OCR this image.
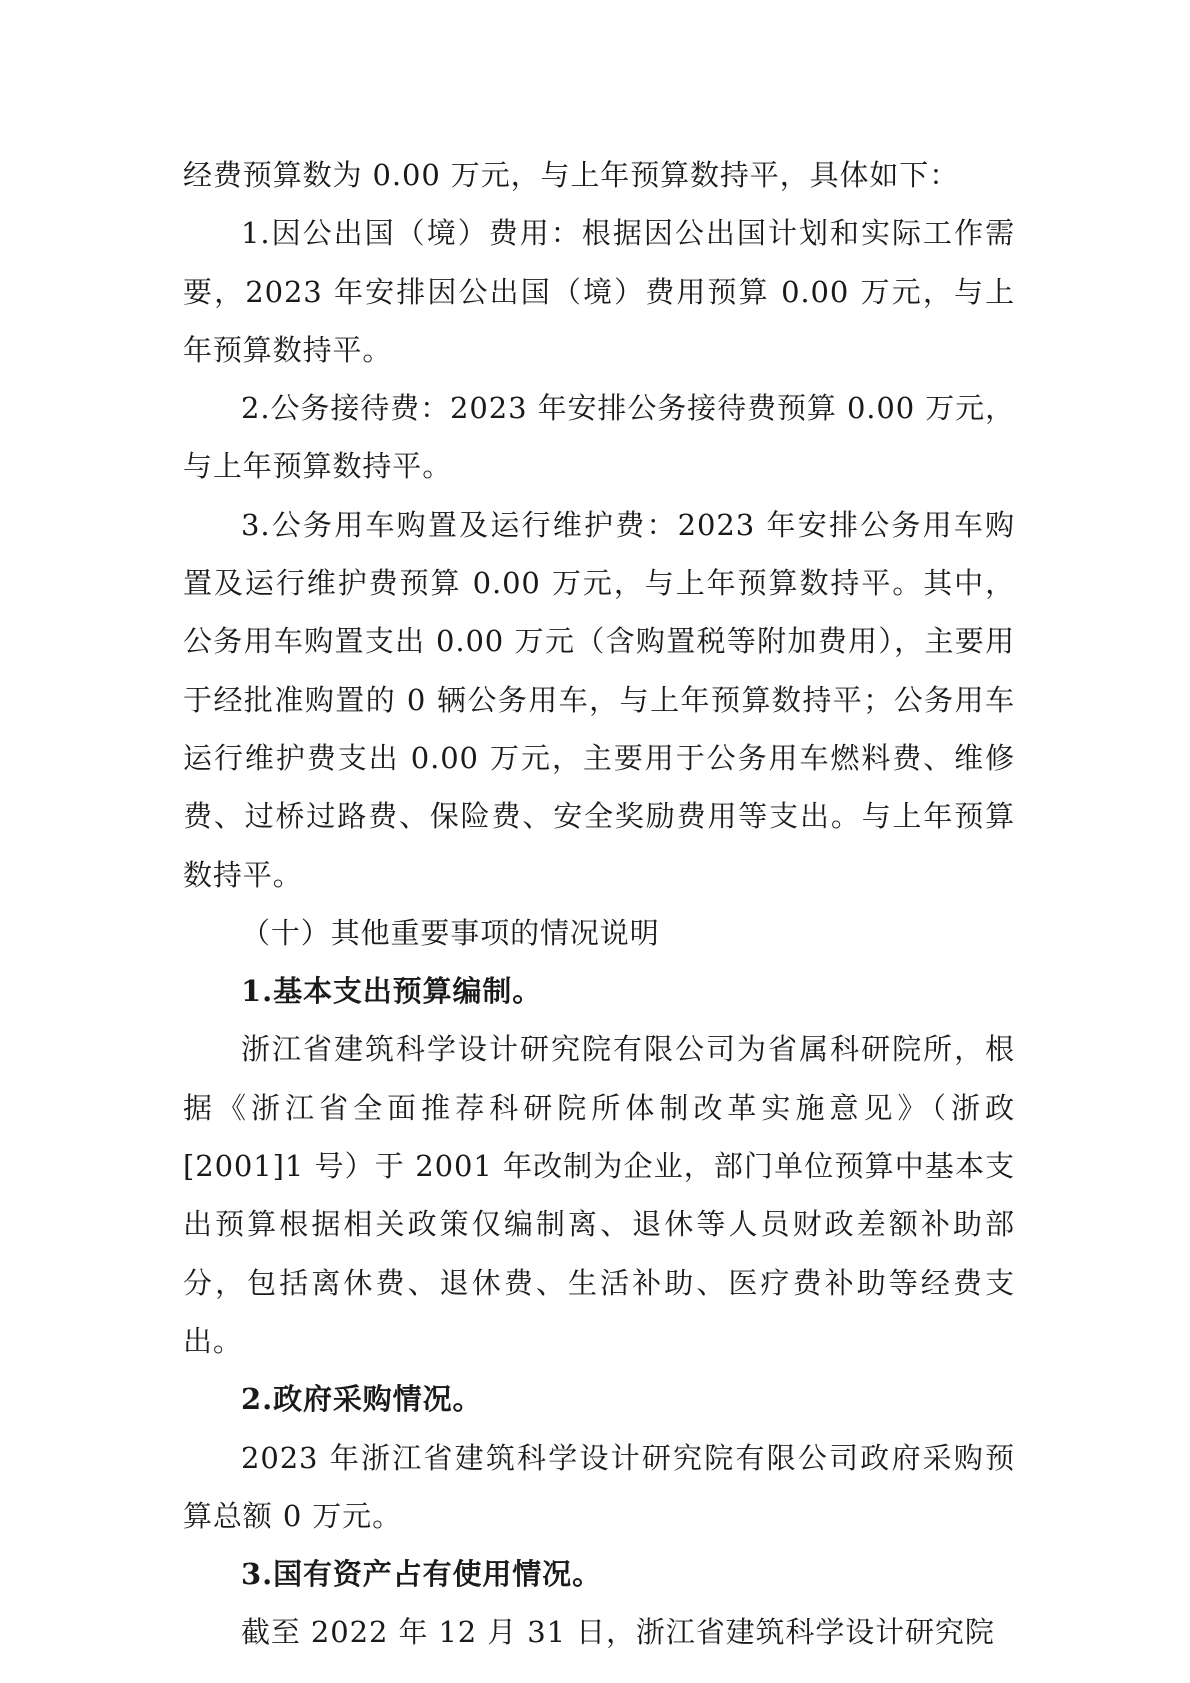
经费预算数为 0.00 万元，与上年预算数持平，具体如下：

1.因公出国（境）费用：根据因公出国计划和实际工作需要，2023 年安排因公出国（境）费用预算 0.00 万元，与上年预算数持平。

2.公务接待费：2023 年安排公务接待费预算 0.00 万元，与上年预算数持平。

3.公务用车购置及运行维护费：2023 年安排公务用车购置及运行维护费预算 0.00 万元，与上年预算数持平。其中，公务用车购置支出 0.00 万元（含购置税等附加费用），主要用于经批准购置的 0 辆公务用车，与上年预算数持平；公务用车运行维护费支出 0.00 万元，主要用于公务用车燃料费、维修费、过桥过路费、保险费、安全奖励费用等支出。与上年预算数持平。

（十）其他重要事项的情况说明

1.基本支出预算编制。

浙江省建筑科学设计研究院有限公司为省属科研院所，根据《浙江省全面推荐科研院所体制改革实施意见》（浙政[2001]1 号）于 2001 年改制为企业，部门单位预算中基本支出预算根据相关政策仅编制离、退休等人员财政差额补助部分，包括离休费、退休费、生活补助、医疗费补助等经费支出。

2.政府采购情况。

2023 年浙江省建筑科学设计研究院有限公司政府采购预算总额 0 万元。

3.国有资产占有使用情况。

截至 2022 年 12 月 31 日，浙江省建筑科学设计研究院
